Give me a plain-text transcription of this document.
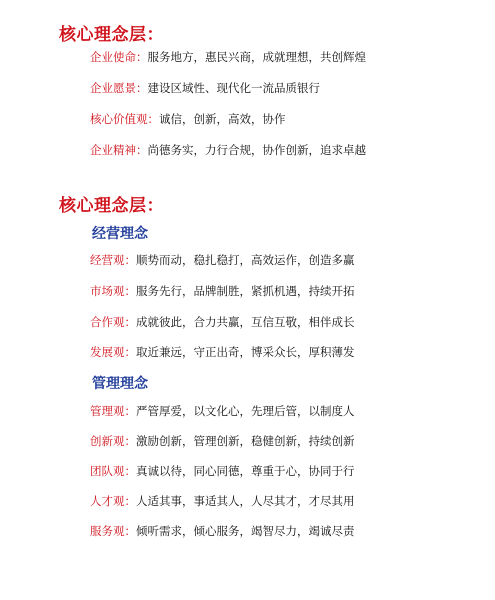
核心理念层：
企业使命：服务地方，惠民兴商，成就理想，共创辉煌
企业愿景：建设区域性、现代化一流品质银行
核心价值观：诚信，创新，高效，协作
企业精神：尚德务实，力行合规，协作创新，追求卓越
核心理念层：
经营理念
经营观：顺势而动，稳扎稳打，高效运作，创造多赢
市场观：服务先行，品牌制胜，紧抓机遇，持续开拓
合作观：成就彼此，合力共赢，互信互敬，相伴成长
发展观：取近兼远，守正出奇，博采众长，厚积薄发
管理理念
管理观：严管厚爱，以文化心，先理后管，以制度人
创新观：激励创新，管理创新，稳健创新，持续创新
团队观：真诚以待，同心同德，尊重于心，协同于行
人才观：人适其事，事适其人，人尽其才，才尽其用
服务观：倾听需求，倾心服务，竭智尽力，竭诚尽责
